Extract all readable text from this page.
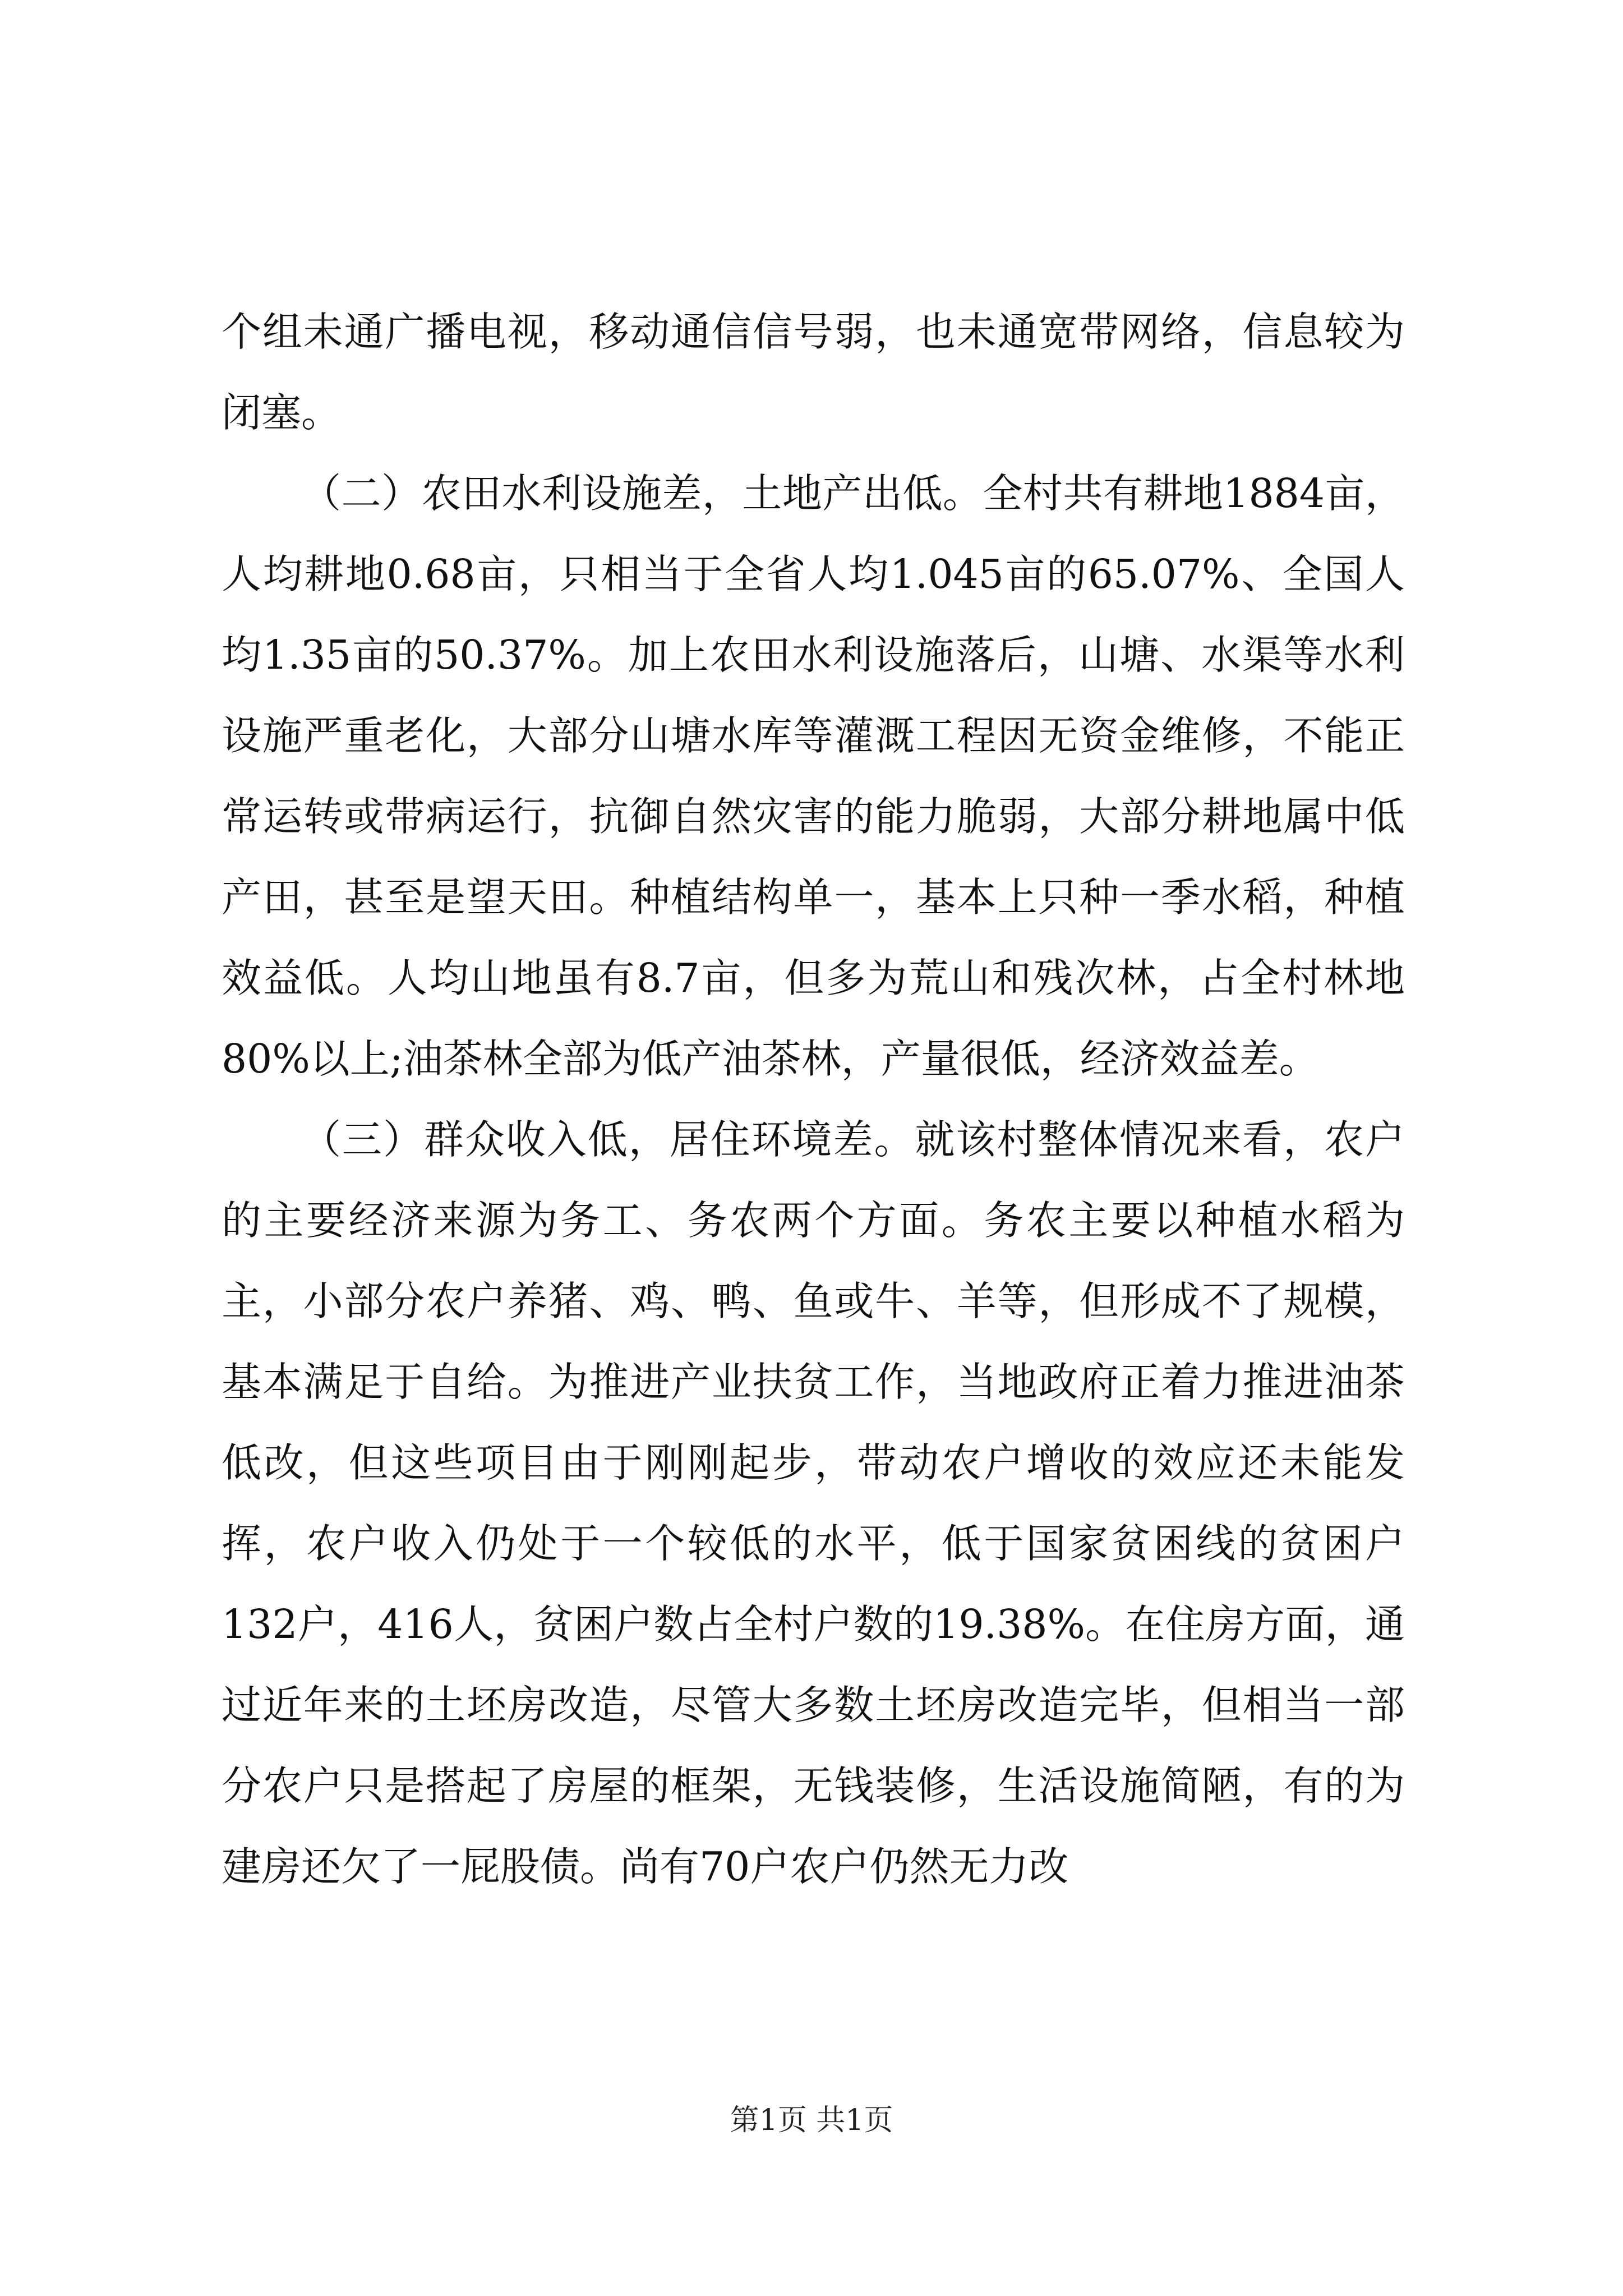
个组未通广播电视，移动通信信号弱，也未通宽带网络，信息较为闭塞。

（二）农田水利设施差，土地产出低。全村共有耕地1884亩，人均耕地0.68亩，只相当于全省人均1.045亩的65.07%、全国人均1.35亩的50.37%。加上农田水利设施落后，山塘、水渠等水利设施严重老化，大部分山塘水库等灌溉工程因无资金维修，不能正常运转或带病运行，抗御自然灾害的能力脆弱，大部分耕地属中低产田，甚至是望天田。种植结构单一，基本上只种一季水稻，种植效益低。人均山地虽有8.7亩，但多为荒山和残次林，占全村林地80%以上;油茶林全部为低产油茶林，产量很低，经济效益差。

（三）群众收入低，居住环境差。就该村整体情况来看，农户的主要经济来源为务工、务农两个方面。务农主要以种植水稻为主，小部分农户养猪、鸡、鸭、鱼或牛、羊等，但形成不了规模，基本满足于自给。为推进产业扶贫工作，当地政府正着力推进油茶低改，但这些项目由于刚刚起步，带动农户增收的效应还未能发挥，农户收入仍处于一个较低的水平，低于国家贫困线的贫困户132户，416人，贫困户数占全村户数的19.38%。在住房方面，通过近年来的土坯房改造，尽管大多数土坯房改造完毕，但相当一部分农户只是搭起了房屋的框架，无钱装修，生活设施简陋，有的为建房还欠了一屁股债。尚有70户农户仍然无力改

第1页 共1页
